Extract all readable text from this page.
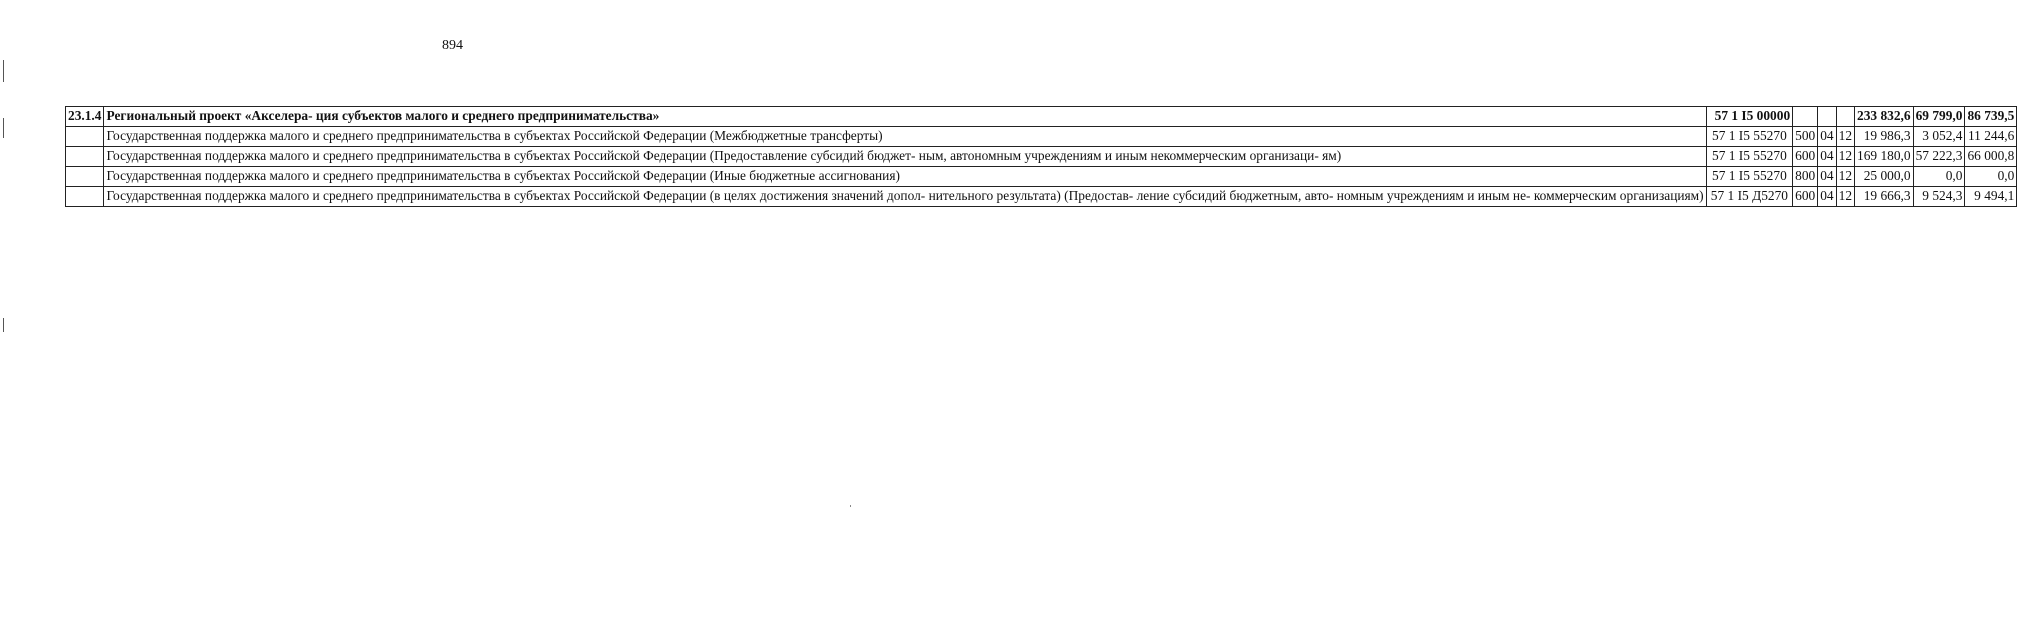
894
23.1.4	Региональный проект «Акселера- ция субъектов малого и среднего предпринимательства»	57 1 I5 00000				233 832,6	69 799,0	86 739,5
	Государственная поддержка малого и среднего предпринимательства в субъектах Российской Федерации (Межбюджетные трансферты)	57 1 I5 55270	500	04	12	19 986,3	3 052,4	11 244,6
	Государственная поддержка малого и среднего предпринимательства в субъектах Российской Федерации (Предоставление субсидий бюджет- ным, автономным учреждениям и иным некоммерческим организаци- ям)	57 1 I5 55270	600	04	12	169 180,0	57 222,3	66 000,8
	Государственная поддержка малого и среднего предпринимательства в субъектах Российской Федерации (Иные бюджетные ассигнования)	57 1 I5 55270	800	04	12	25 000,0	0,0	0,0
	Государственная поддержка малого и среднего предпринимательства в субъектах Российской Федерации (в целях достижения значений допол- нительного результата) (Предостав- ление субсидий бюджетным, авто- номным учреждениям и иным не- коммерческим организациям)	57 1 I5 Д5270	600	04	12	19 666,3	9 524,3	9 494,1
